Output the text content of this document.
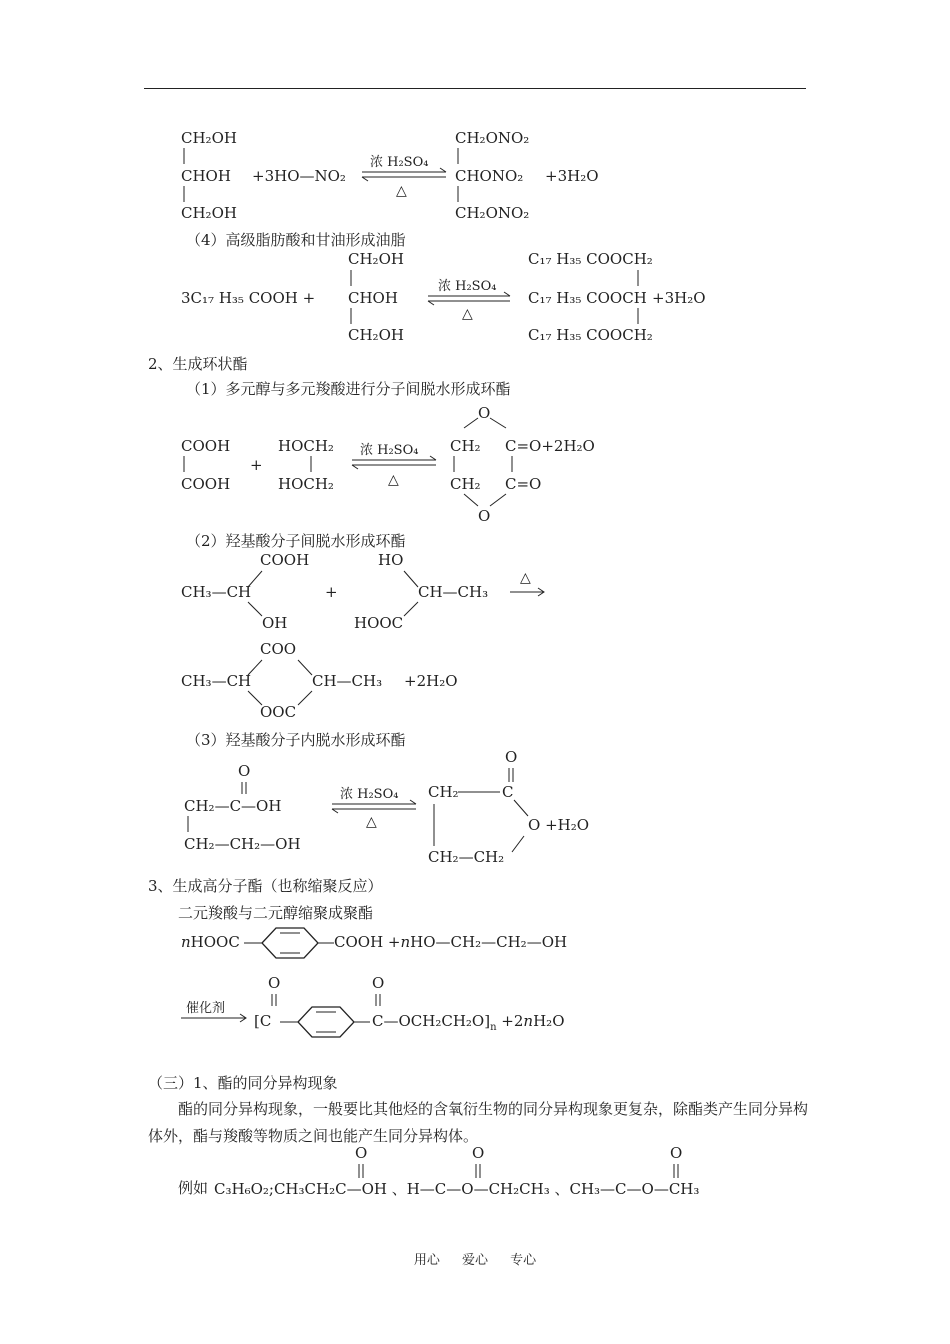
（4）高级脂肪酸和甘油形成油脂
2、生成环状酯
（1）多元醇与多元羧酸进行分子间脱水形成环酯
（2）羟基酸分子间脱水形成环酯
（3）羟基酸分子内脱水形成环酯
3、生成高分子酯（也称缩聚反应）
二元羧酸与二元醇缩聚成聚酯
（三）1、酯的同分异构现象
酯的同分异构现象，一般要比其他烃的含氧衍生物的同分异构现象更复杂，除酯类产生同分异构体外，酯与羧酸等物质之间也能产生同分异构体。
例如
CH₂OH
CHOH
CH₂OH
+3HO—NO₂
浓 H₂SO₄
△
CH₂ONO₂
CHONO₂
CH₂ONO₂
+3H₂O
3C₁₇ H₃₅ COOH +
CH₂OH
CHOH
CH₂OH
浓 H₂SO₄
△
C₁₇ H₃₅ COOCH₂
C₁₇ H₃₅ COOCH
C₁₇ H₃₅ COOCH₂
+3H₂O
COOH
COOH
+
HOCH₂
HOCH₂
浓 H₂SO₄
△
O
CH₂ C=O+2H₂O
CH₂ C=O
O
COOH
CH₃—CH
OH
+
HO
CH—CH₃
HOOC
△
COO
CH₃—CH	CH—CH₃ +2H₂O
OOC
O
CH₂—C—OH
CH₂—CH₂—OH
浓 H₂SO₄
△
O
CH₂	C
O +H₂O
CH₂—CH₂
nHOOC	COOH +nHO—CH₂—CH₂—OH
催化剂
O
[C
O
$C—OCH_2CH_2O]_n +2nH_2O$
C₃H₆O₂;CH₃CH₂C—OH 、H—C—O—CH₂CH₃ 、CH₃—C—O—CH₃
O	O	O
用心 爱心 专心
